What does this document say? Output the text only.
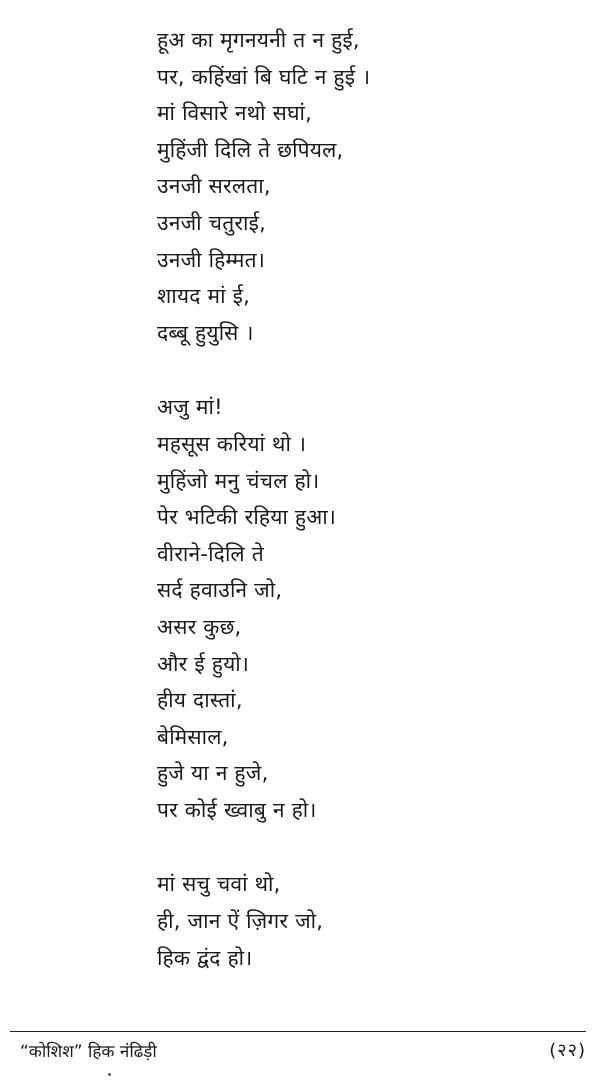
हूअ का मृगनयनी त न हुई,
पर, कहिंखां बि घटि न हुई ।
मां विसारे नथो सघां,
मुहिंजी दिलि ते छपियल,
उनजी सरलता,
उनजी चतुराई,
उनजी हिम्मत।
शायद मां ई,
दब्बू हुयुसि ।
अजु मां!
महसूस करियां थो ।
मुहिंजो मनु चंचल हो।
पेर भटिकी रहिया हुआ।
वीराने-दिलि ते
सर्द हवाउनि जो,
असर कुछ,
और ई हुयो।
हीय दास्तां,
बेमिसाल,
हुजे या न हुजे,
पर कोई ख्वाबु न हो।
मां सचु चवां थो,
ही, जान ऐं ज़िगर जो,
हिक द्वंद हो।
“कोशिश” हिक नंढिड़ी	(२२)
